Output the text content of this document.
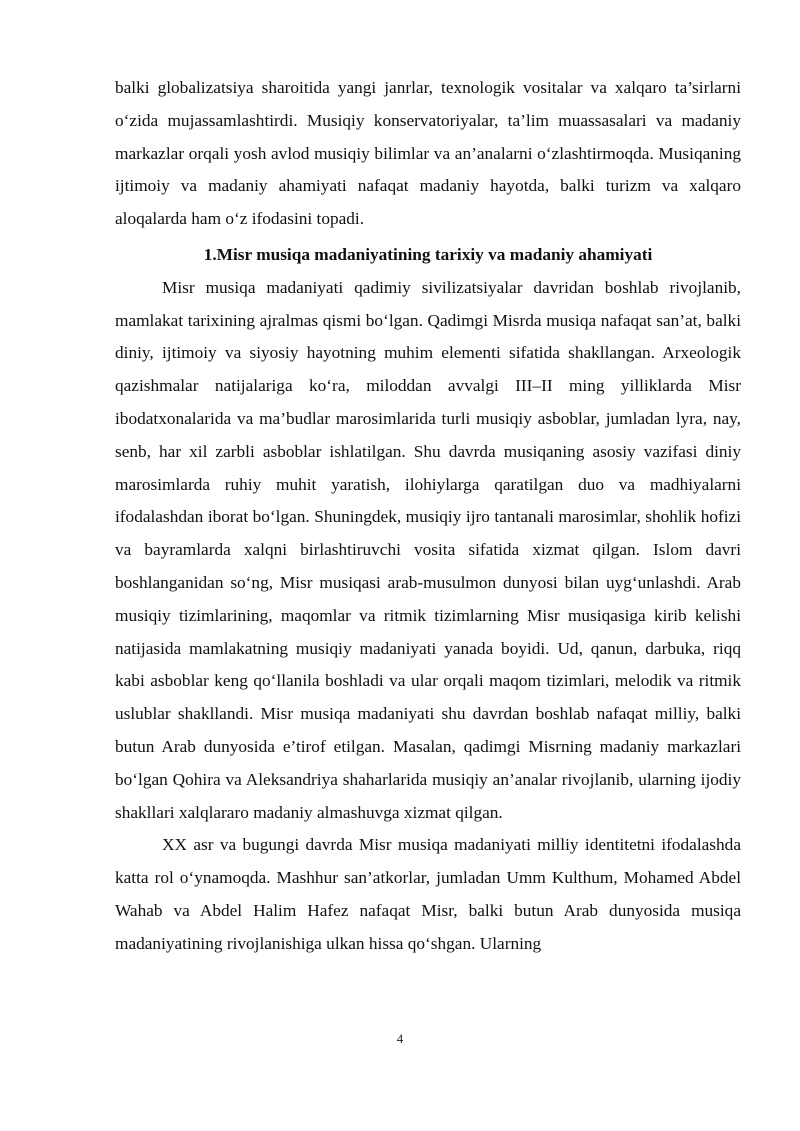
balki globalizatsiya sharoitida yangi janrlar, texnologik vositalar va xalqaro ta’sirlarni o‘zida mujassamlashtirdi. Musiqiy konservatoriyalar, ta’lim muassasalari va madaniy markazlar orqali yosh avlod musiqiy bilimlar va an’analarni o‘zlashtirmoqda. Musiqaning ijtimoiy va madaniy ahamiyati nafaqat madaniy hayotda, balki turizm va xalqaro aloqalarda ham o‘z ifodasini topadi.

1.Misr musiqa madaniyatining tarixiy va madaniy ahamiyati

Misr musiqa madaniyati qadimiy sivilizatsiyalar davridan boshlab rivojlanib, mamlakat tarixining ajralmas qismi bo‘lgan. Qadimgi Misrda musiqa nafaqat san’at, balki diniy, ijtimoiy va siyosiy hayotning muhim elementi sifatida shakllangan. Arxeologik qazishmalar natijalariga ko‘ra, miloddan avvalgi III–II ming yilliklarda Misr ibodatxonalarida va ma’budlar marosimlarida turli musiqiy asboblar, jumladan lyra, nay, senb, har xil zarbli asboblar ishlatilgan. Shu davrda musiqaning asosiy vazifasi diniy marosimlarda ruhiy muhit yaratish, ilohiylarga qaratilgan duo va madhiyalarni ifodalashdan iborat bo‘lgan. Shuningdek, musiqiy ijro tantanali marosimlar, shohlik hofizi va bayramlarda xalqni birlashtiruvchi vosita sifatida xizmat qilgan. Islom davri boshlanganidan so‘ng, Misr musiqasi arab-musulmon dunyosi bilan uyg‘unlashdi. Arab musiqiy tizimlarining, maqomlar va ritmik tizimlarning Misr musiqasiga kirib kelishi natijasida mamlakatning musiqiy madaniyati yanada boyidi. Ud, qanun, darbuka, riqq kabi asboblar keng qo‘llanila boshladi va ular orqali maqom tizimlari, melodik va ritmik uslublar shakllandi. Misr musiqa madaniyati shu davrdan boshlab nafaqat milliy, balki butun Arab dunyosida e’tirof etilgan. Masalan, qadimgi Misrning madaniy markazlari bo‘lgan Qohira va Aleksandriya shaharlarida musiqiy an’analar rivojlanib, ularning ijodiy shakllari xalqlararo madaniy almashuvga xizmat qilgan.

XX asr va bugungi davrda Misr musiqa madaniyati milliy identitetni ifodalashda katta rol o‘ynamoqda. Mashhur san’atkorlar, jumladan Umm Kulthum, Mohamed Abdel Wahab va Abdel Halim Hafez nafaqat Misr, balki butun Arab dunyosida musiqa madaniyatining rivojlanishiga ulkan hissa qo‘shgan. Ularning

4
